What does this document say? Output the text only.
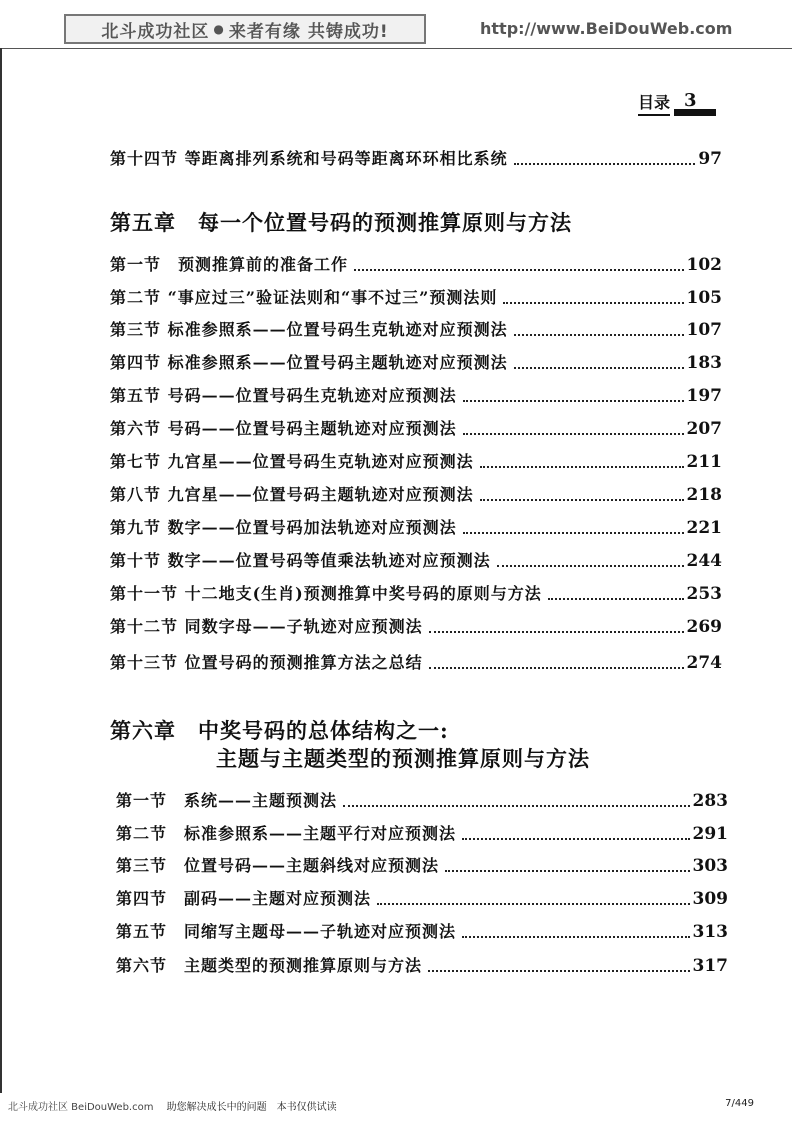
北斗成功社区 ● 来者有缘 共铸成功!	http://www.BeiDouWeb.com
目录 3
第十四节 等距离排列系统和号码等距离环环相比系统	97
第五章　每一个位置号码的预测推算原则与方法
第一节　预测推算前的准备工作	102
第二节 “事应过三”验证法则和“事不过三”预测法则	105
第三节 标准参照系——位置号码生克轨迹对应预测法	107
第四节 标准参照系——位置号码主题轨迹对应预测法	183
第五节 号码——位置号码生克轨迹对应预测法	197
第六节 号码——位置号码主题轨迹对应预测法	207
第七节 九宫星——位置号码生克轨迹对应预测法	211
第八节 九宫星——位置号码主题轨迹对应预测法	218
第九节 数字——位置号码加法轨迹对应预测法	221
第十节 数字——位置号码等值乘法轨迹对应预测法	244
第十一节 十二地支(生肖)预测推算中奖号码的原则与方法	253
第十二节 同数字母——子轨迹对应预测法	269
第十三节 位置号码的预测推算方法之总结	274
第六章　中奖号码的总体结构之一:
主题与主题类型的预测推算原则与方法
第一节　系统——主题预测法	283
第二节　标准参照系——主题平行对应预测法	291
第三节　位置号码——主题斜线对应预测法	303
第四节　副码——主题对应预测法	309
第五节　同缩写主题母——子轨迹对应预测法	313
第六节　主题类型的预测推算原则与方法	317
北斗成功社区 BeiDouWeb.com 助您解决成长中的问题　本书仅供试读	7/449
